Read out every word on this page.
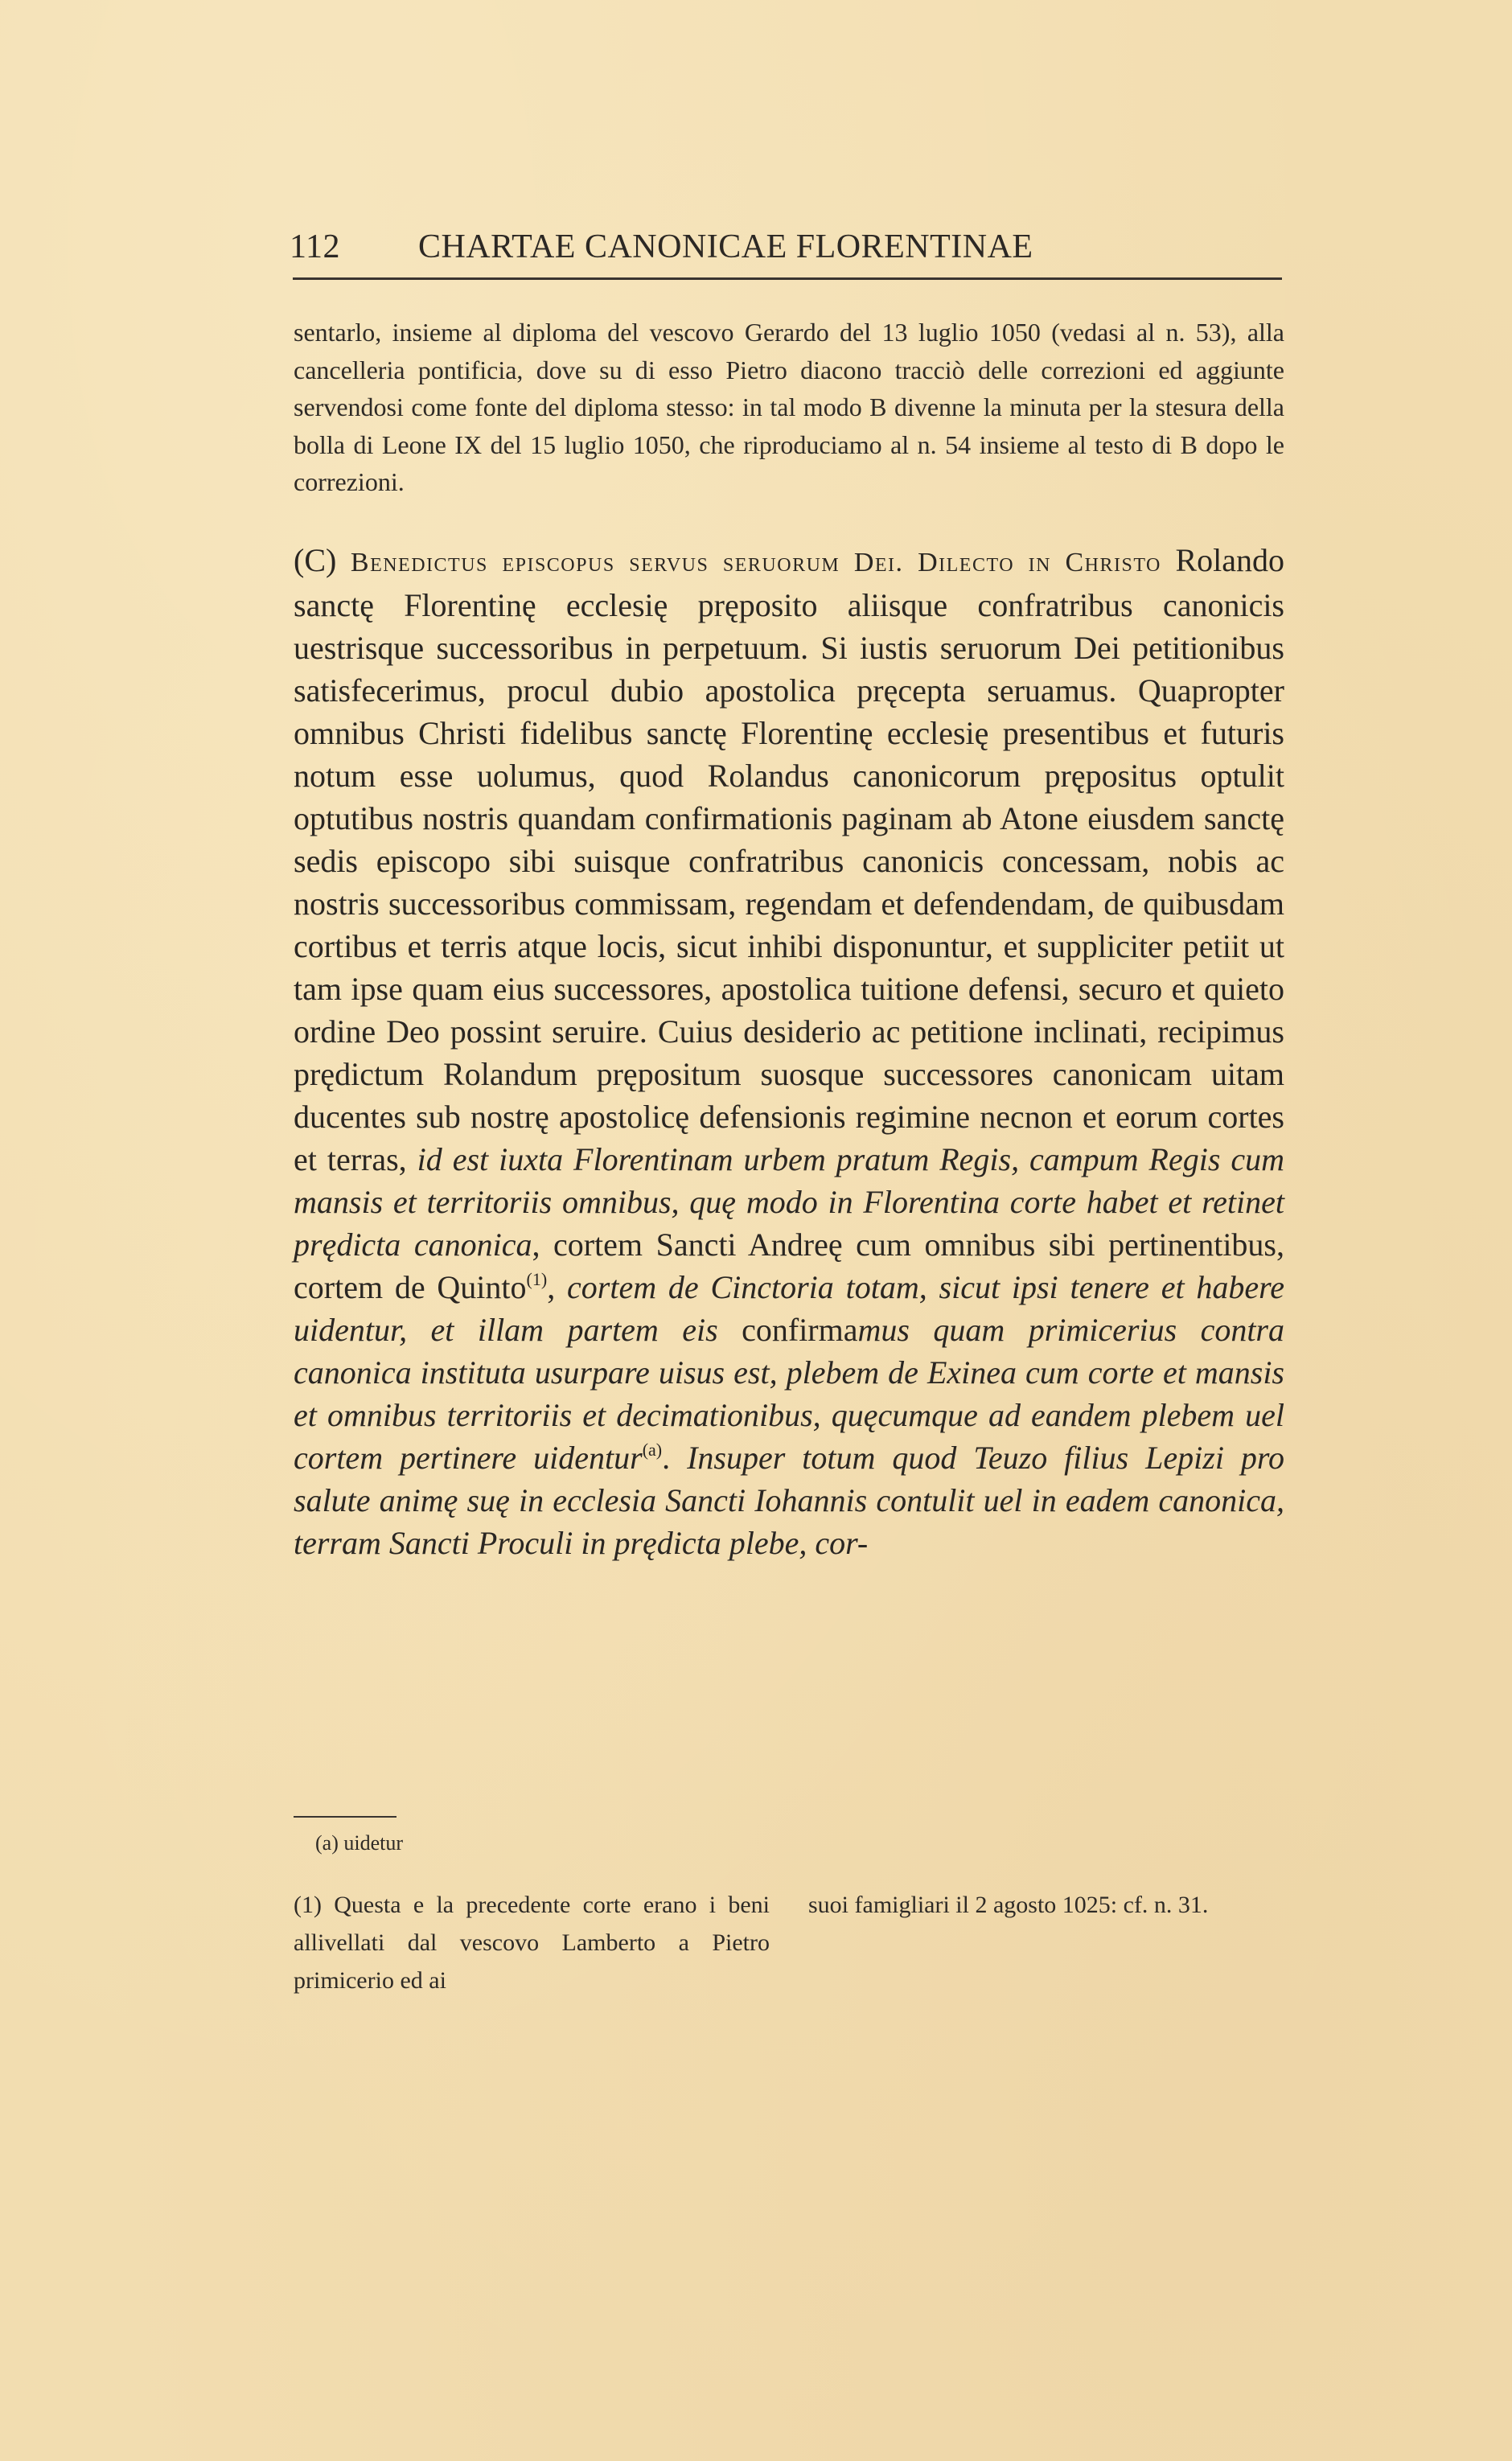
112 CHARTAE CANONICAE FLORENTINAE

sentarlo, insieme al diploma del vescovo Gerardo del 13 luglio 1050 (vedasi al n. 53), alla cancelleria pontificia, dove su di esso Pietro diacono tracciò delle correzioni ed aggiunte servendosi come fonte del diploma stesso: in tal modo B divenne la minuta per la stesura della bolla di Leone IX del 15 luglio 1050, che riproduciamo al n. 54 insieme al testo di B dopo le correzioni.

(C) Benedictus episcopus servus seruorum Dei. Dilecto in Christo Rolando sanctę Florentinę ecclesię pręposito aliisque confratribus canonicis uestrisque successoribus in perpetuum. Si iustis seruorum Dei petitionibus satisfecerimus, procul dubio apostolica pręcepta seruamus. Quapropter omnibus Christi fidelibus sanctę Florentinę ecclesię presentibus et futuris notum esse uolumus, quod Rolandus canonicorum prępositus optulit optutibus nostris quandam confirmationis paginam ab Atone eiusdem sanctę sedis episcopo sibi suisque confratribus canonicis concessam, nobis ac nostris successoribus commissam, regendam et defendendam, de quibusdam cortibus et terris atque locis, sicut inhibi disponuntur, et suppliciter petiit ut tam ipse quam eius successores, apostolica tuitione defensi, securo et quieto ordine Deo possint seruire. Cuius desiderio ac petitione inclinati, recipimus prędictum Rolandum prępositum suosque successores canonicam uitam ducentes sub nostrę apostolicę defensionis regimine necnon et eorum cortes et terras, id est iuxta Florentinam urbem pratum Regis, campum Regis cum mansis et territoriis omnibus, quę modo in Florentina corte habet et retinet prędicta canonica, cortem Sancti Andreę cum omnibus sibi pertinentibus, cortem de Quinto$^{(1)}$, cortem de Cinctoria totam, sicut ipsi tenere et habere uidentur, et illam partem eis confirmamus quam primicerius contra canonica instituta usurpare uisus est, plebem de Exinea cum corte et mansis et omnibus territoriis et decimationibus, quęcumque ad eandem plebem uel cortem pertinere uidentur$^{(a)}$. Insuper totum quod Teuzo filius Lepizi pro salute animę suę in ecclesia Sancti Iohannis contulit uel in eadem canonica, terram Sancti Proculi in prędicta plebe, cor-

(a) uidetur

(1) Questa e la precedente corte erano i beni allivellati dal vescovo Lamberto a Pietro primicerio ed ai

suoi famigliari il 2 agosto 1025: cf. n. 31.
